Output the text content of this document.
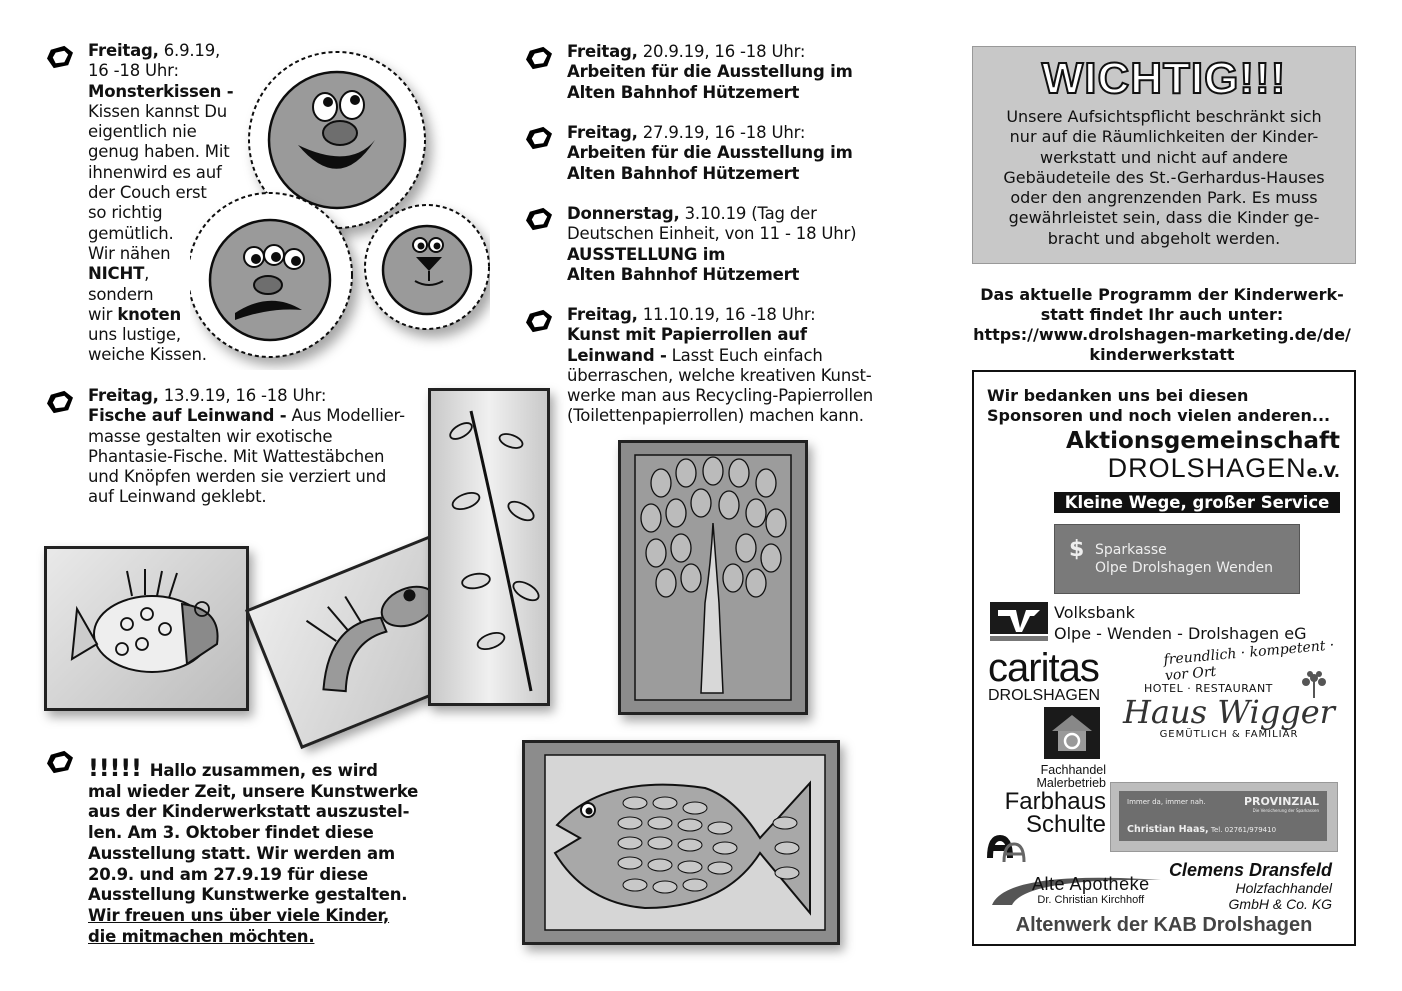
Freitag, 6.9.19,
16 -18 Uhr:
Monsterkissen -
Kissen kannst Du
eigentlich nie
genug haben. Mit
ihnenwird es auf
der Couch erst
so richtig
gemütlich.
Wir nähen
NICHT,
sondern
wir knoten
uns lustige,
weiche Kissen.
Freitag, 13.9.19, 16 -18 Uhr:
Fische auf Leinwand - Aus Modellier-
masse gestalten wir exotische
Phantasie-Fische. Mit Wattestäbchen
und Knöpfen werden sie verziert und
auf Leinwand geklebt.
!!!!! Hallo zusammen, es wird
mal wieder Zeit, unsere Kunstwerke
aus der Kinderwerkstatt auszustel-
len. Am 3. Oktober findet diese
Ausstellung statt. Wir werden am
20.9. und am 27.9.19 für diese
Ausstellung Kunstwerke gestalten.
Wir freuen uns über viele Kinder,
die mitmachen möchten.
Freitag, 20.9.19, 16 -18 Uhr:
Arbeiten für die Ausstellung im
Alten Bahnhof Hützemert
Freitag, 27.9.19, 16 -18 Uhr:
Arbeiten für die Ausstellung im
Alten Bahnhof Hützemert
Donnerstag, 3.10.19 (Tag der
Deutschen Einheit, von 11 - 18 Uhr)
AUSSTELLUNG im
Alten Bahnhof Hützemert
Freitag, 11.10.19, 16 -18 Uhr:
Kunst mit Papierrollen auf
Leinwand - Lasst Euch einfach
überraschen, welche kreativen Kunst-
werke man aus Recycling-Papierrollen
(Toilettenpapierrollen) machen kann.
WICHTIG!!!
Unsere Aufsichtspflicht beschränkt sich
nur auf die Räumlichkeiten der Kinder-
werkstatt und nicht auf andere
Gebäudeteile des St.-Gerhardus-Hauses
oder den angrenzenden Park. Es muss
gewährleistet sein, dass die Kinder ge-
bracht und abgeholt werden.
Das aktuelle Programm der Kinderwerk-
statt findet Ihr auch unter:
https://www.drolshagen-marketing.de/de/
kinderwerkstatt
Wir bedanken uns bei diesen
Sponsoren und noch vielen anderen...
Aktionsgemeinschaft
DROLSHAGENe.V.
Kleine Wege, großer Service
$ Sparkasse
Olpe Drolshagen Wenden
Volksbank
Olpe - Wenden - Drolshagen eG
freundlich · kompetent · vor Ort
caritas
DROLSHAGEN	HOTEL · RESTAURANT
Haus Wigger
GEMÜTLICH & FAMILIÄR
Fachhandel
Malerbetrieb
Farbhaus
Schulte
Immer da, immer nah.	PROVINZIAL
Die Versicherung der Sparkassen
Christian Haas, Tel. 02761/979410
Alte Apotheke
Dr. Christian Kirchhoff
Clemens Dransfeld
Holzfachhandel
GmbH & Co. KG
Altenwerk der KAB Drolshagen
